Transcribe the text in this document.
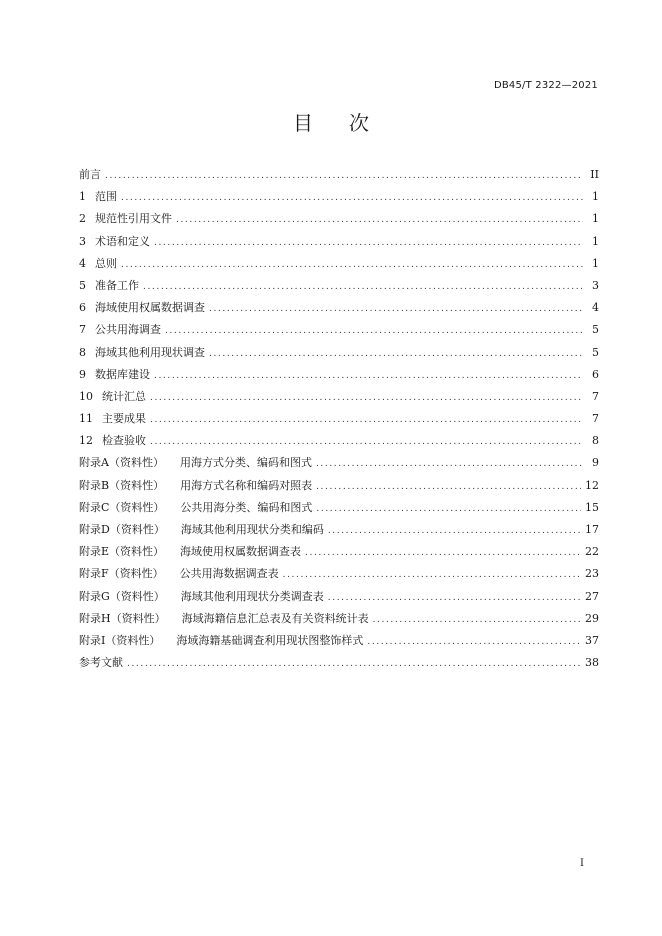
DB45/T 2322—2021
目 次
前言 .....	II
1 范围 .....	1
2 规范性引用文件 .....	1
3 术语和定义 .....	1
4 总则 .....	1
5 准备工作 .....	3
6 海域使用权属数据调查 .....	4
7 公共用海调查 .....	5
8 海域其他利用现状调查 .....	5
9 数据库建设 .....	6
10 统计汇总 .....	7
11 主要成果 .....	7
12 检查验收 .....	8
附录A（资料性） 用海方式分类、编码和图式 .....	9
附录B（资料性） 用海方式名称和编码对照表 .....	12
附录C（资料性） 公共用海分类、编码和图式 .....	15
附录D（资料性） 海域其他利用现状分类和编码 .....	17
附录E（资料性） 海域使用权属数据调查表 .....	22
附录F（资料性） 公共用海数据调查表 .....	23
附录G（资料性） 海域其他利用现状分类调查表 .....	27
附录H（资料性） 海域海籍信息汇总表及有关资料统计表 .....	29
附录I（资料性） 海域海籍基础调查利用现状图整饰样式 .....	37
参考文献 .....	38
I
